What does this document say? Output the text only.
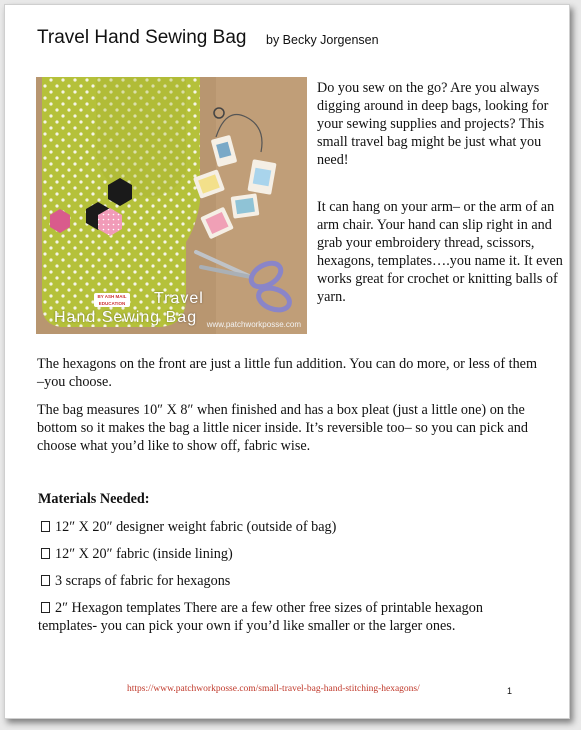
Travel Hand Sewing Bag by Becky Jorgensen
BY ASH MAIL
EDUCATION	Travel
Hand Sewing Bag	www.patchworkposse.com

Do you sew on the go? Are you always digging around in deep bags, looking for your sewing supplies and projects? This small travel bag might be just what you need!

It can hang on your arm– or the arm of an arm chair. Your hand can slip right in and grab your embroidery thread, scissors, hexagons, templates….you name it. It even works great for crochet or knitting balls of yarn.

The hexagons on the front are just a little fun addition. You can do more, or less of them –you choose.

The bag measures 10″ X 8″ when finished and has a box pleat (just a little one) on the bottom so it makes the bag a little nicer inside. It’s reversible too– so you can pick and choose what you’d like to show off, fabric wise.

Materials Needed:
12″ X 20″ designer weight fabric (outside of bag)
12″ X 20″ fabric (inside lining)
3 scraps of fabric for hexagons
2″ Hexagon templates There are a few other free sizes of printable hexagon templates- you can pick your own if you’d like smaller or the larger ones.
https://www.patchworkposse.com/small-travel-bag-hand-stitching-hexagons/	1
